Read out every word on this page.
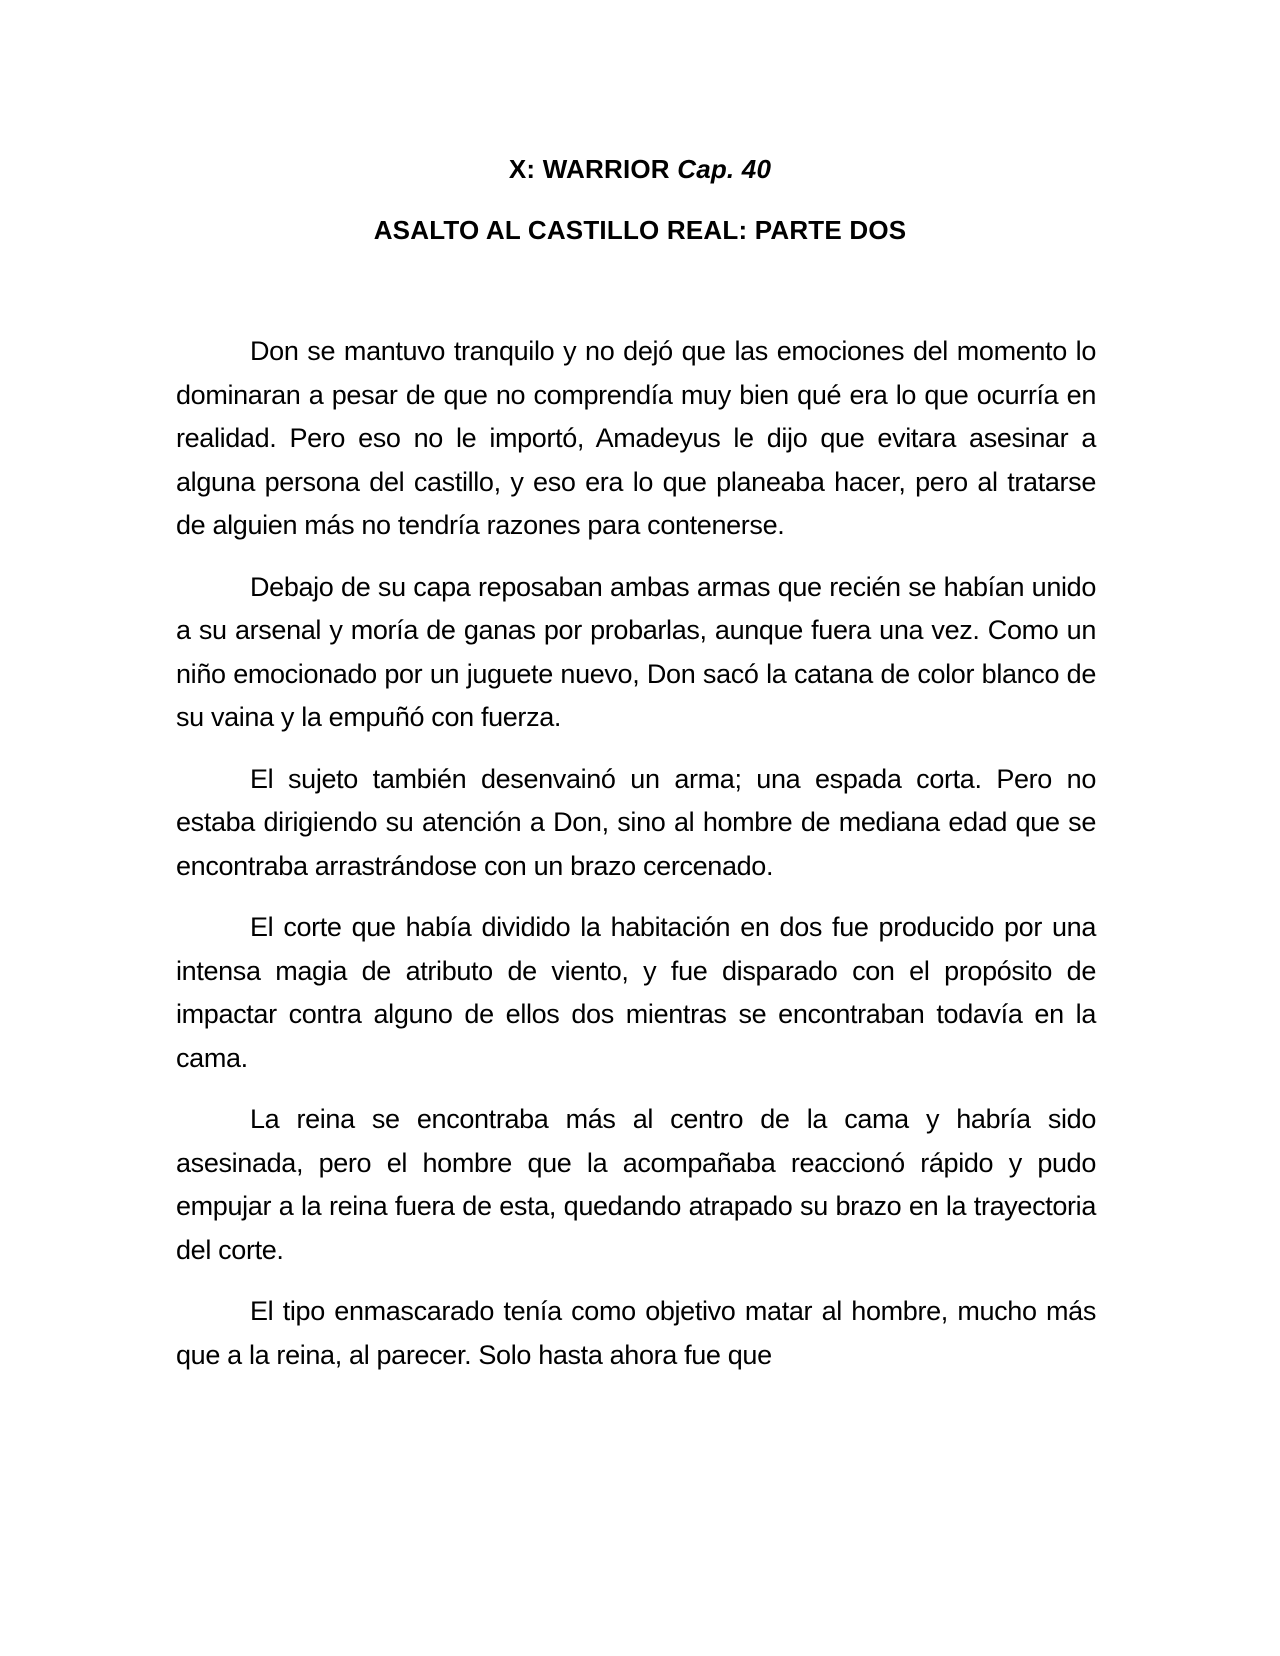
X: WARRIOR Cap. 40
ASALTO AL CASTILLO REAL: PARTE DOS

Don se mantuvo tranquilo y no dejó que las emociones del momento lo dominaran a pesar de que no comprendía muy bien qué era lo que ocurría en realidad. Pero eso no le importó, Amadeyus le dijo que evitara asesinar a alguna persona del castillo, y eso era lo que planeaba hacer, pero al tratarse de alguien más no tendría razones para contenerse.

Debajo de su capa reposaban ambas armas que recién se habían unido a su arsenal y moría de ganas por probarlas, aunque fuera una vez. Como un niño emocionado por un juguete nuevo, Don sacó la catana de color blanco de su vaina y la empuñó con fuerza.

El sujeto también desenvainó un arma; una espada corta. Pero no estaba dirigiendo su atención a Don, sino al hombre de mediana edad que se encontraba arrastrándose con un brazo cercenado.

El corte que había dividido la habitación en dos fue producido por una intensa magia de atributo de viento, y fue disparado con el propósito de impactar contra alguno de ellos dos mientras se encontraban todavía en la cama.

La reina se encontraba más al centro de la cama y habría sido asesinada, pero el hombre que la acompañaba reaccionó rápido y pudo empujar a la reina fuera de esta, quedando atrapado su brazo en la trayectoria del corte.

El tipo enmascarado tenía como objetivo matar al hombre, mucho más que a la reina, al parecer. Solo hasta ahora fue que
